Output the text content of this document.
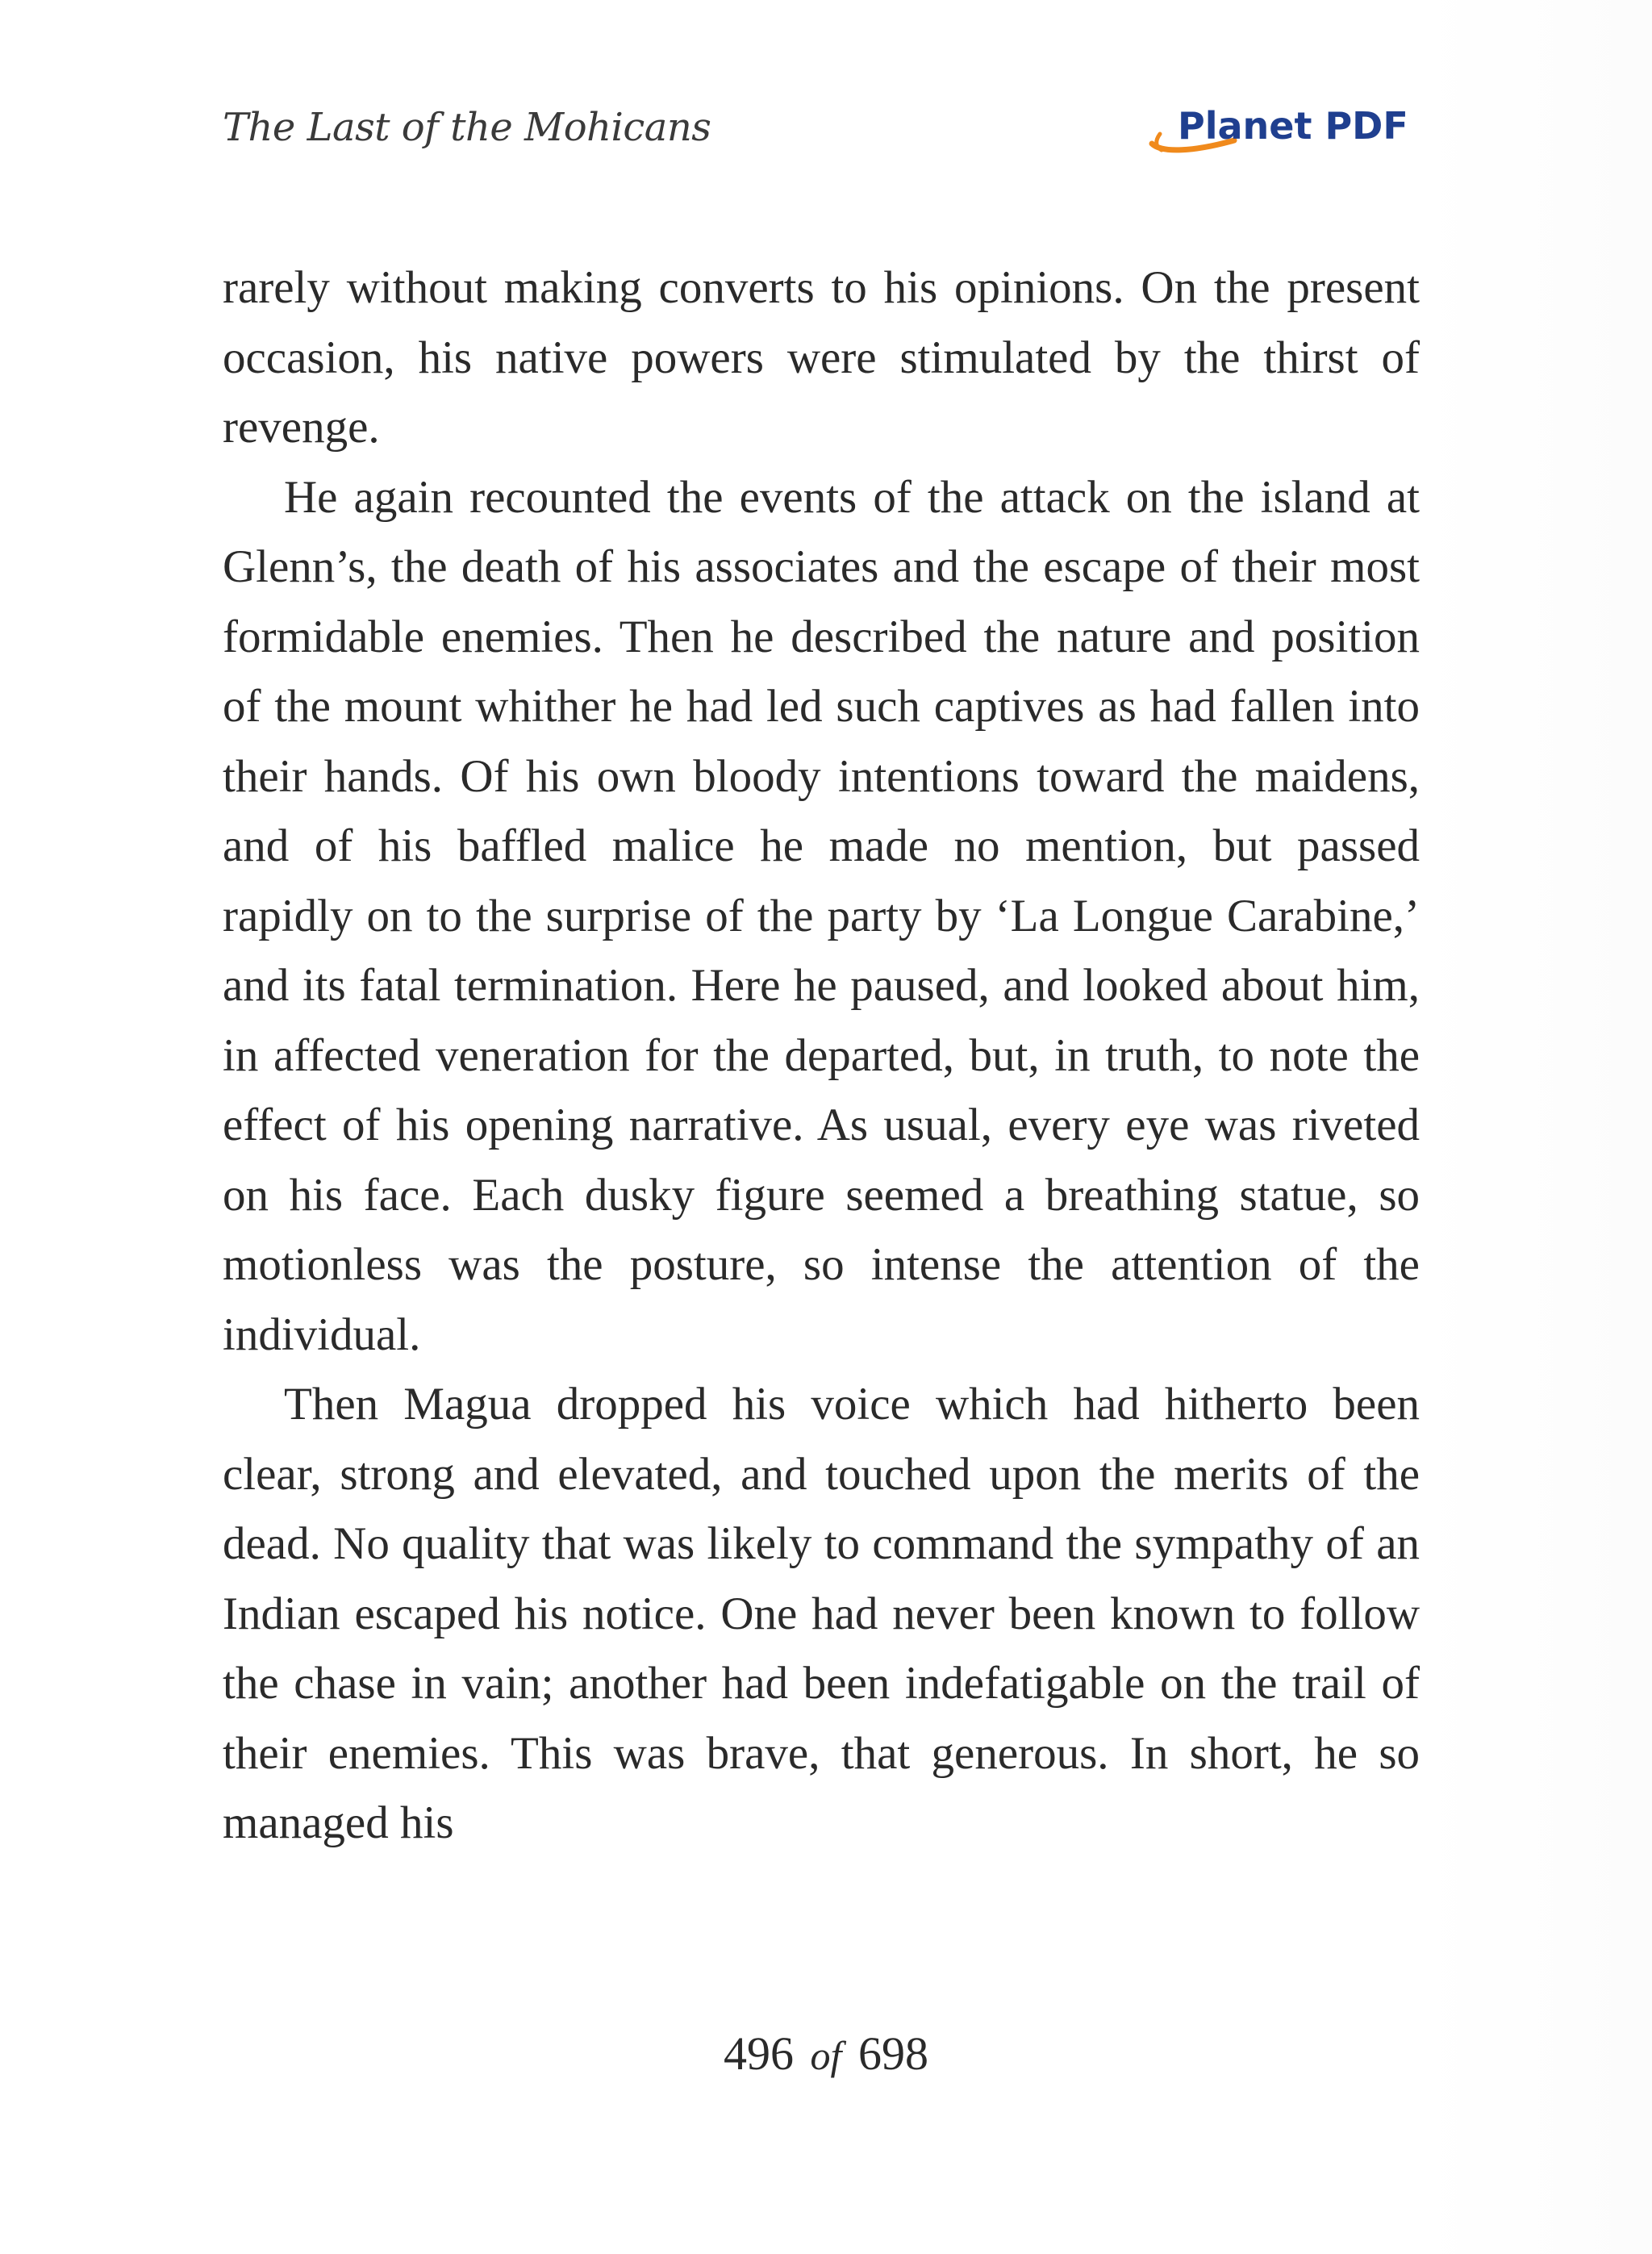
The Last of the Mohicans	Planet PDF

rarely without making converts to his opinions. On the present occasion, his native powers were stimulated by the thirst of revenge.

He again recounted the events of the attack on the island at Glenn’s, the death of his associates and the escape of their most formidable enemies. Then he described the nature and position of the mount whither he had led such captives as had fallen into their hands. Of his own bloody intentions toward the maidens, and of his baffled malice he made no mention, but passed rapidly on to the surprise of the party by ‘La Longue Carabine,’ and its fatal termination. Here he paused, and looked about him, in affected veneration for the departed, but, in truth, to note the effect of his opening narrative. As usual, every eye was riveted on his face. Each dusky figure seemed a breathing statue, so motionless was the posture, so intense the attention of the individual.

Then Magua dropped his voice which had hitherto been clear, strong and elevated, and touched upon the merits of the dead. No quality that was likely to command the sympathy of an Indian escaped his notice. One had never been known to follow the chase in vain; another had been indefatigable on the trail of their enemies. This was brave, that generous. In short, he so managed his

496 of 698
